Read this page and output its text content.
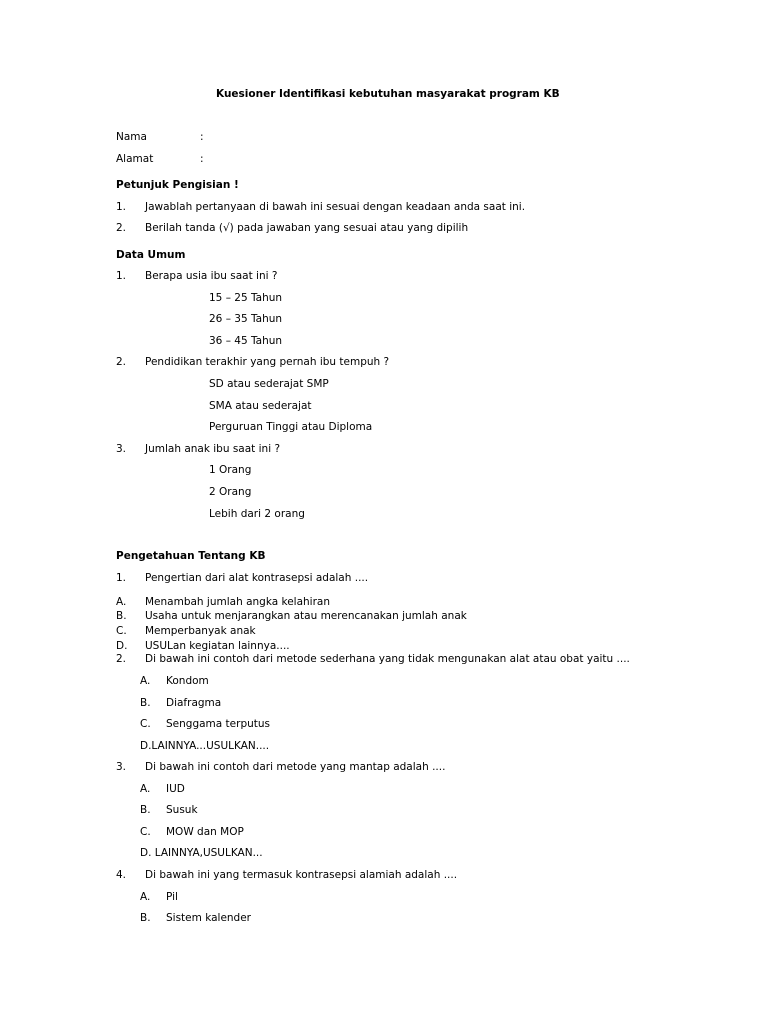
Kuesioner Identifikasi kebutuhan masyarakat program KB
Nama	:
Alamat	:
Petunjuk Pengisian !
1. Jawablah pertanyaan di bawah ini sesuai dengan keadaan anda saat ini.
2. Berilah tanda (√) pada jawaban yang sesuai atau yang dipilih
Data Umum
1. Berapa usia ibu saat ini ?
15 – 25 Tahun
26 – 35 Tahun
36 – 45 Tahun
2. Pendidikan terakhir yang pernah ibu tempuh ?
SD atau sederajat SMP
SMA atau sederajat
Perguruan Tinggi atau Diploma
3. Jumlah anak ibu saat ini ?
1 Orang
2 Orang
Lebih dari 2 orang
Pengetahuan Tentang KB
1. Pengertian dari alat kontrasepsi adalah ....
A. Menambah jumlah angka kelahiran
B. Usaha untuk menjarangkan atau merencanakan jumlah anak
C. Memperbanyak anak
D. USULan kegiatan lainnya....
2. Di bawah ini contoh dari metode sederhana yang tidak mengunakan alat atau obat yaitu ....
A. Kondom
B. Diafragma
C. Senggama terputus
D.LAINNYA...USULKAN....
3. Di bawah ini contoh dari metode yang mantap adalah ....
A. IUD
B. Susuk
C. MOW dan MOP
D. LAINNYA,USULKAN...
4. Di bawah ini yang termasuk kontrasepsi alamiah adalah ....
A. Pil
B. Sistem kalender
